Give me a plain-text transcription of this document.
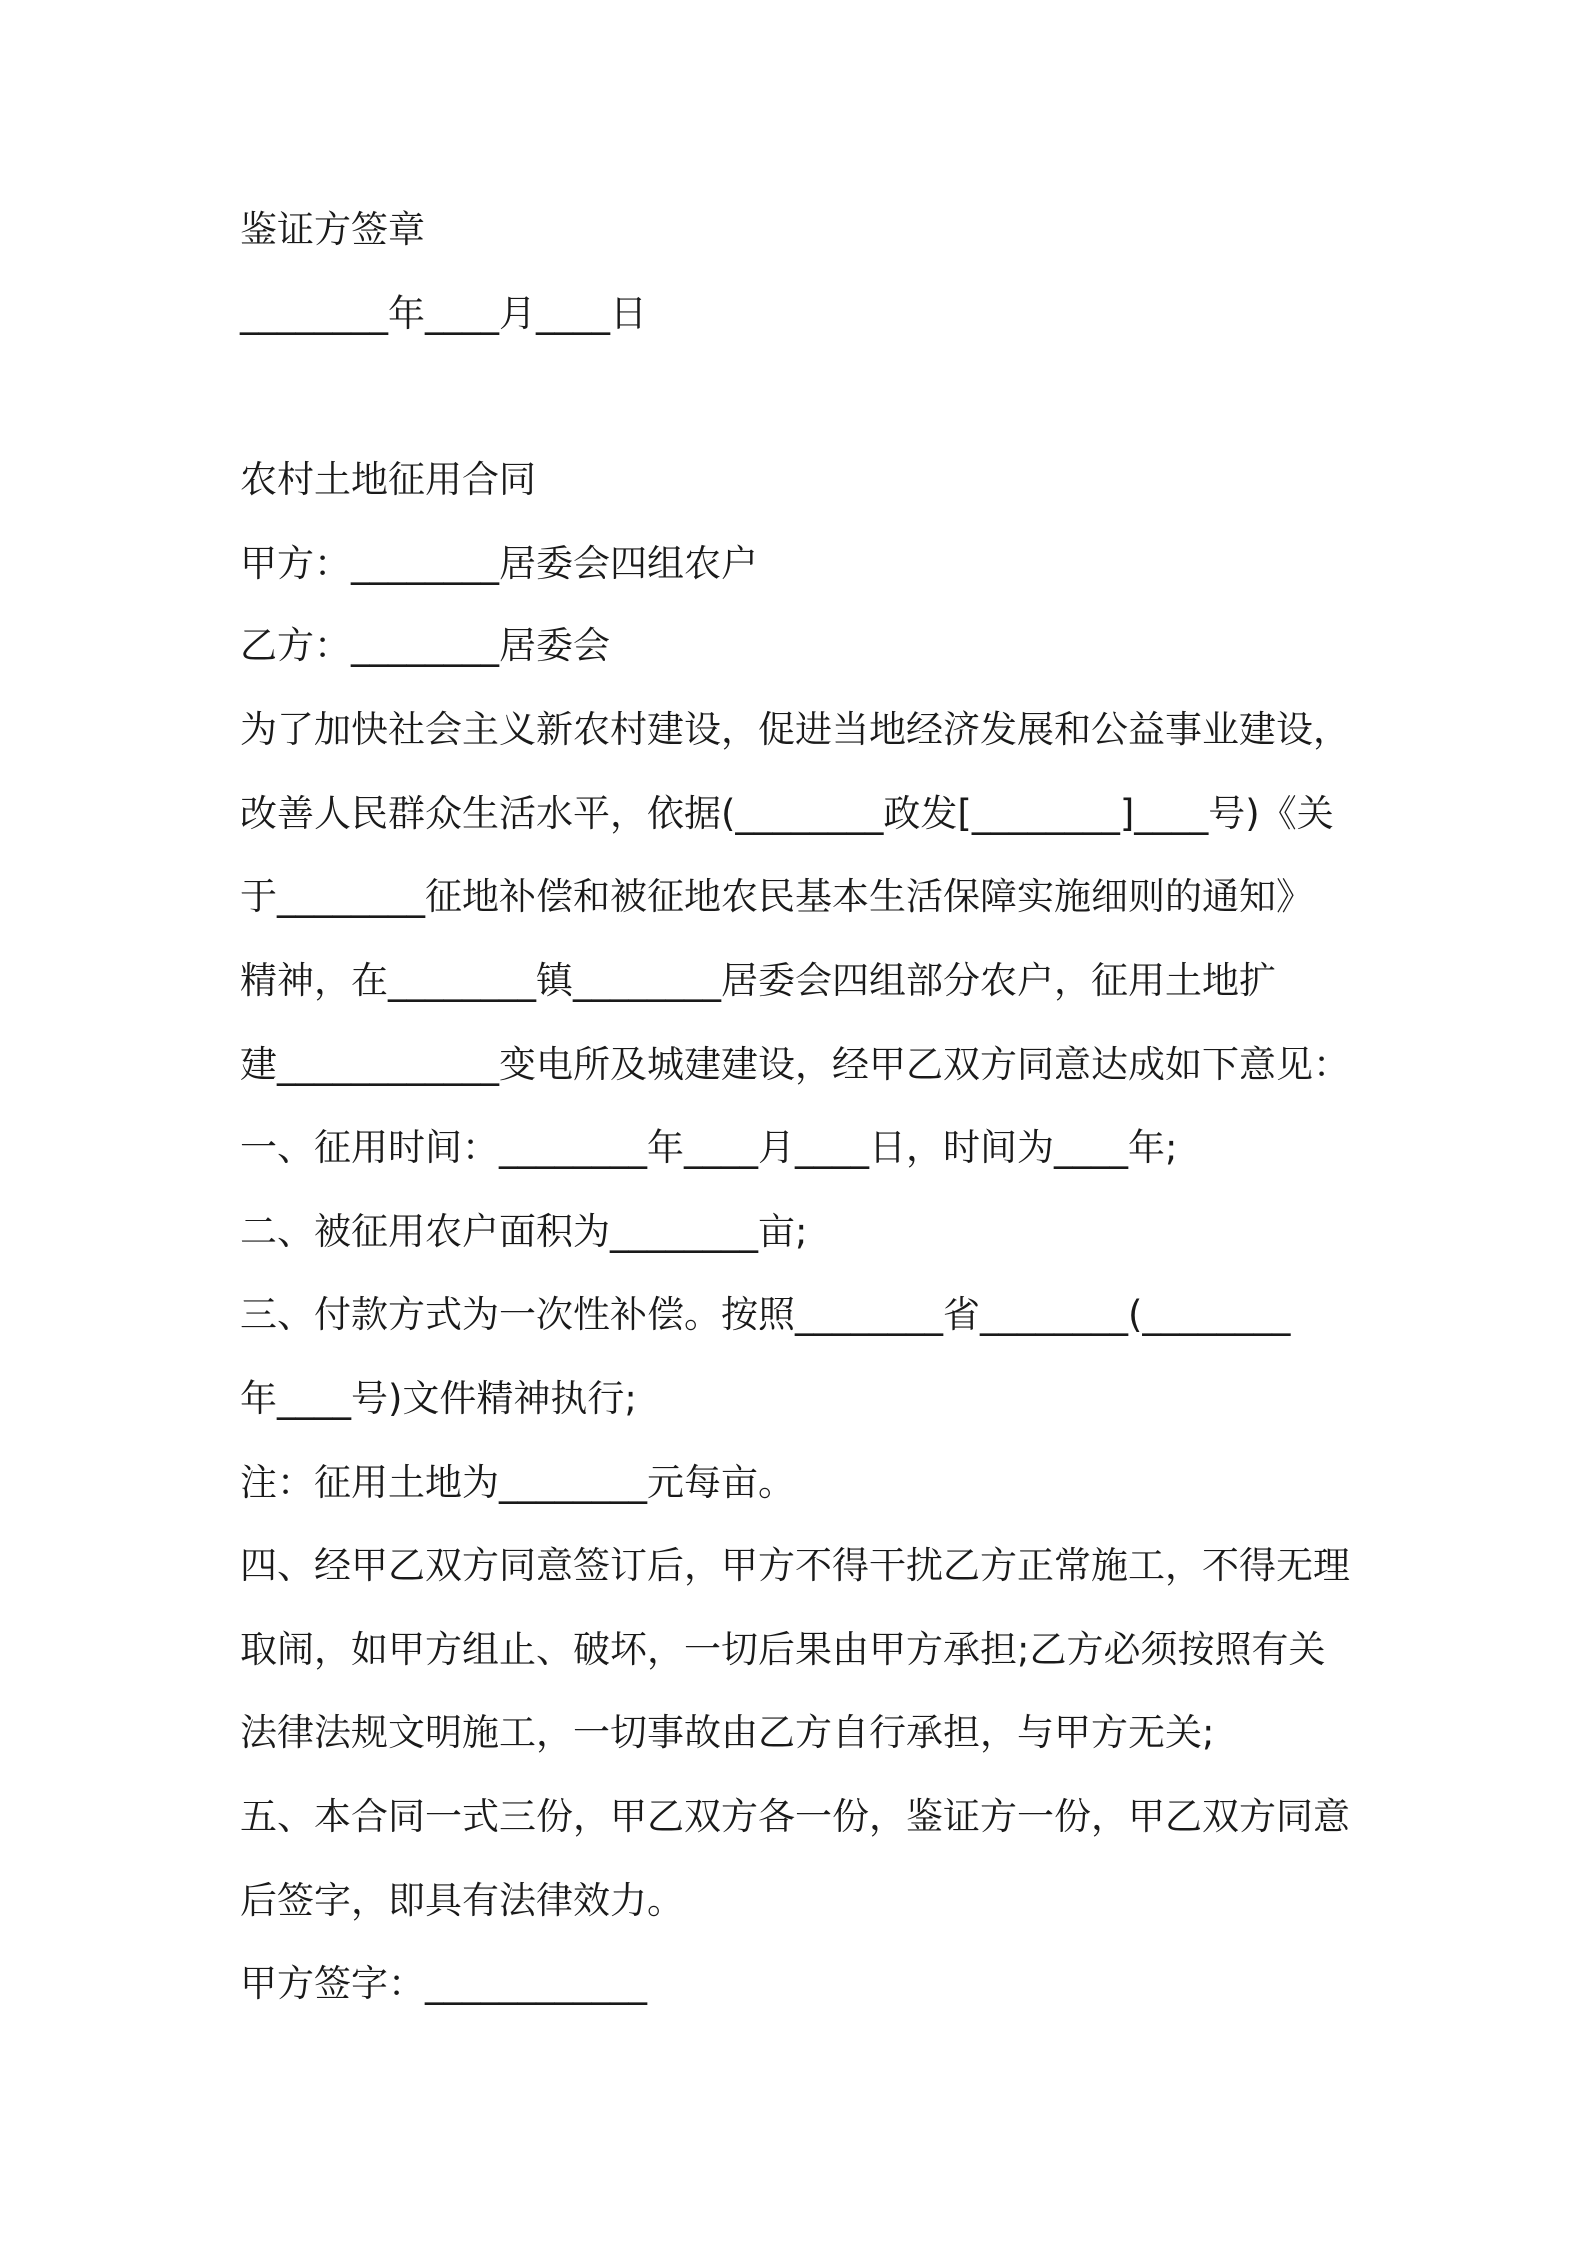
鉴证方签章
________年____月____日
农村土地征用合同
甲方：________居委会四组农户
乙方：________居委会
为了加快社会主义新农村建设，促进当地经济发展和公益事业建设，
改善人民群众生活水平，依据(________政发[________]____号)《关
于________征地补偿和被征地农民基本生活保障实施细则的通知》
精神，在________镇________居委会四组部分农户，征用土地扩
建____________变电所及城建建设，经甲乙双方同意达成如下意见：
一、征用时间：________年____月____日，时间为____年;
二、被征用农户面积为________亩;
三、付款方式为一次性补偿。按照________省________(________
年____号)文件精神执行;
注：征用土地为________元每亩。
四、经甲乙双方同意签订后，甲方不得干扰乙方正常施工，不得无理
取闹，如甲方组止、破坏，一切后果由甲方承担;乙方必须按照有关
法律法规文明施工，一切事故由乙方自行承担，与甲方无关;
五、本合同一式三份，甲乙双方各一份，鉴证方一份，甲乙双方同意
后签字，即具有法律效力。
甲方签字：____________
